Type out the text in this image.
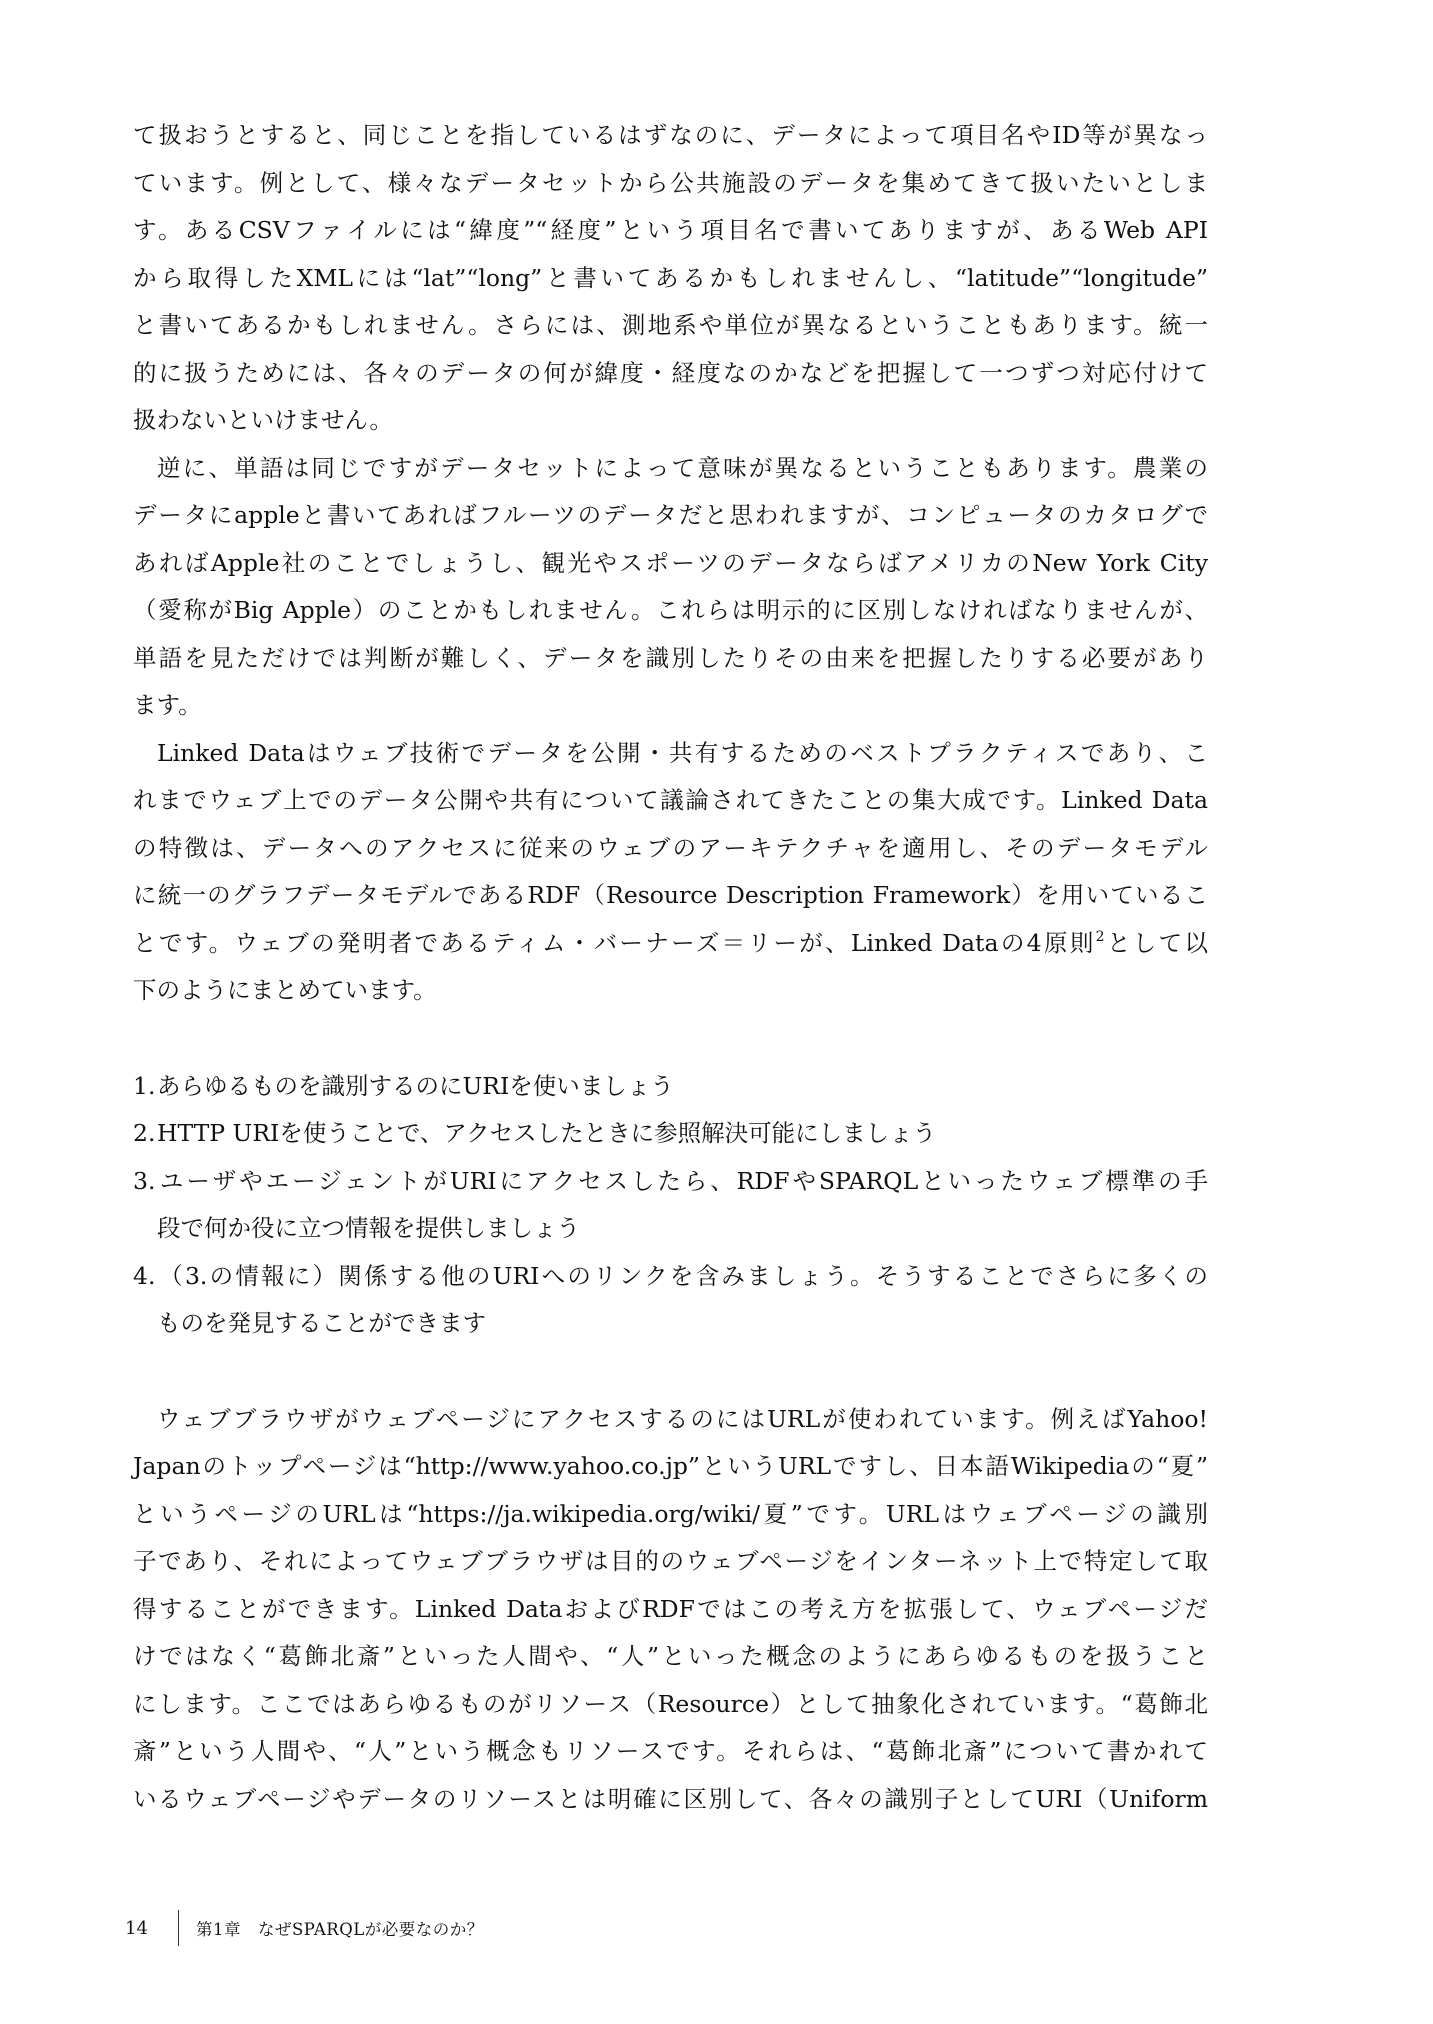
て扱おうとすると、同じことを指しているはずなのに、データによって項目名やID等が異なっ
ています。例として、様々なデータセットから公共施設のデータを集めてきて扱いたいとしま
す。あるCSVファイルには“緯度”“経度”という項目名で書いてありますが、あるWeb API
から取得したXMLには“lat”“long”と書いてあるかもしれませんし、“latitude”“longitude”
と書いてあるかもしれません。さらには、測地系や単位が異なるということもあります。統一
的に扱うためには、各々のデータの何が緯度・経度なのかなどを把握して一つずつ対応付けて
扱わないといけません。
逆に、単語は同じですがデータセットによって意味が異なるということもあります。農業の
データにappleと書いてあればフルーツのデータだと思われますが、コンピュータのカタログで
あればApple社のことでしょうし、観光やスポーツのデータならばアメリカのNew York City
（愛称がBig Apple）のことかもしれません。これらは明示的に区別しなければなりませんが、
単語を見ただけでは判断が難しく、データを識別したりその由来を把握したりする必要があり
ます。
Linked Dataはウェブ技術でデータを公開・共有するためのベストプラクティスであり、こ
れまでウェブ上でのデータ公開や共有について議論されてきたことの集大成です。Linked Data
の特徴は、データへのアクセスに従来のウェブのアーキテクチャを適用し、そのデータモデル
に統一のグラフデータモデルであるRDF（Resource Description Framework）を用いているこ
とです。ウェブの発明者であるティム・バーナーズ＝リーが、Linked Dataの4原則$^2$として以
下のようにまとめています。
1.あらゆるものを識別するのにURIを使いましょう
2.HTTP URIを使うことで、アクセスしたときに参照解決可能にしましょう
3.ユーザやエージェントがURIにアクセスしたら、RDFやSPARQLといったウェブ標準の手
段で何か役に立つ情報を提供しましょう
4.（3.の情報に）関係する他のURIへのリンクを含みましょう。そうすることでさらに多くの
ものを発見することができます
ウェブブラウザがウェブページにアクセスするのにはURLが使われています。例えばYahoo!
Japanのトップページは“http://www.yahoo.co.jp”というURLですし、日本語Wikipediaの“夏”
というページのURLは“https://ja.wikipedia.org/wiki/夏”です。URLはウェブページの識別
子であり、それによってウェブブラウザは目的のウェブページをインターネット上で特定して取
得することができます。Linked DataおよびRDFではこの考え方を拡張して、ウェブページだ
けではなく“葛飾北斎”といった人間や、“人”といった概念のようにあらゆるものを扱うこと
にします。ここではあらゆるものがリソース（Resource）として抽象化されています。“葛飾北
斎”という人間や、“人”という概念もリソースです。それらは、“葛飾北斎”について書かれて
いるウェブページやデータのリソースとは明確に区別して、各々の識別子としてURI（Uniform
14	第1章　なぜSPARQLが必要なのか？
